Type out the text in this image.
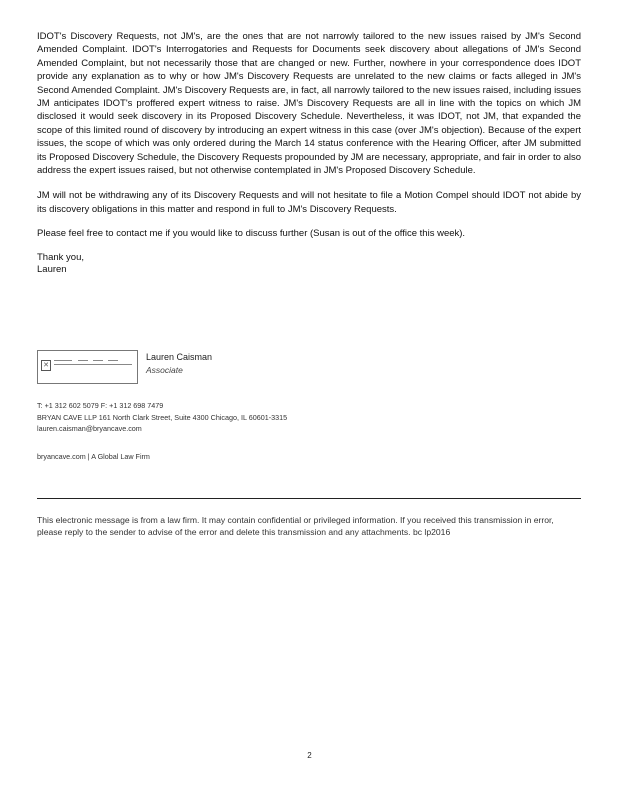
IDOT's Discovery Requests, not JM's, are the ones that are not narrowly tailored to the new issues raised by JM's Second Amended Complaint. IDOT's Interrogatories and Requests for Documents seek discovery about allegations of JM's Second Amended Complaint, but not necessarily those that are changed or new. Further, nowhere in your correspondence does IDOT provide any explanation as to why or how JM's Discovery Requests are unrelated to the new claims or facts alleged in JM's Second Amended Complaint. JM's Discovery Requests are, in fact, all narrowly tailored to the new issues raised, including issues JM anticipates IDOT's proffered expert witness to raise. JM's Discovery Requests are all in line with the topics on which JM disclosed it would seek discovery in its Proposed Discovery Schedule. Nevertheless, it was IDOT, not JM, that expanded the scope of this limited round of discovery by introducing an expert witness in this case (over JM's objection). Because of the expert issues, the scope of which was only ordered during the March 14 status conference with the Hearing Officer, after JM submitted its Proposed Discovery Schedule, the Discovery Requests propounded by JM are necessary, appropriate, and fair in order to also address the expert issues raised, but not otherwise contemplated in JM's Proposed Discovery Schedule.

JM will not be withdrawing any of its Discovery Requests and will not hesitate to file a Motion Compel should IDOT not abide by its discovery obligations in this matter and respond in full to JM's Discovery Requests.

Please feel free to contact me if you would like to discuss further (Susan is out of the office this week).

Thank you,

Lauren

✕
Lauren Caisman
Associate
T: +1 312 602 5079 F: +1 312 698 7479
BRYAN CAVE LLP 161 North Clark Street, Suite 4300 Chicago, IL 60601-3315
lauren.caisman@bryancave.com
bryancave.com | A Global Law Firm
This electronic message is from a law firm. It may contain confidential or privileged information. If you received this transmission in error, please reply to the sender to advise of the error and delete this transmission and any attachments. bc lp2016
2
